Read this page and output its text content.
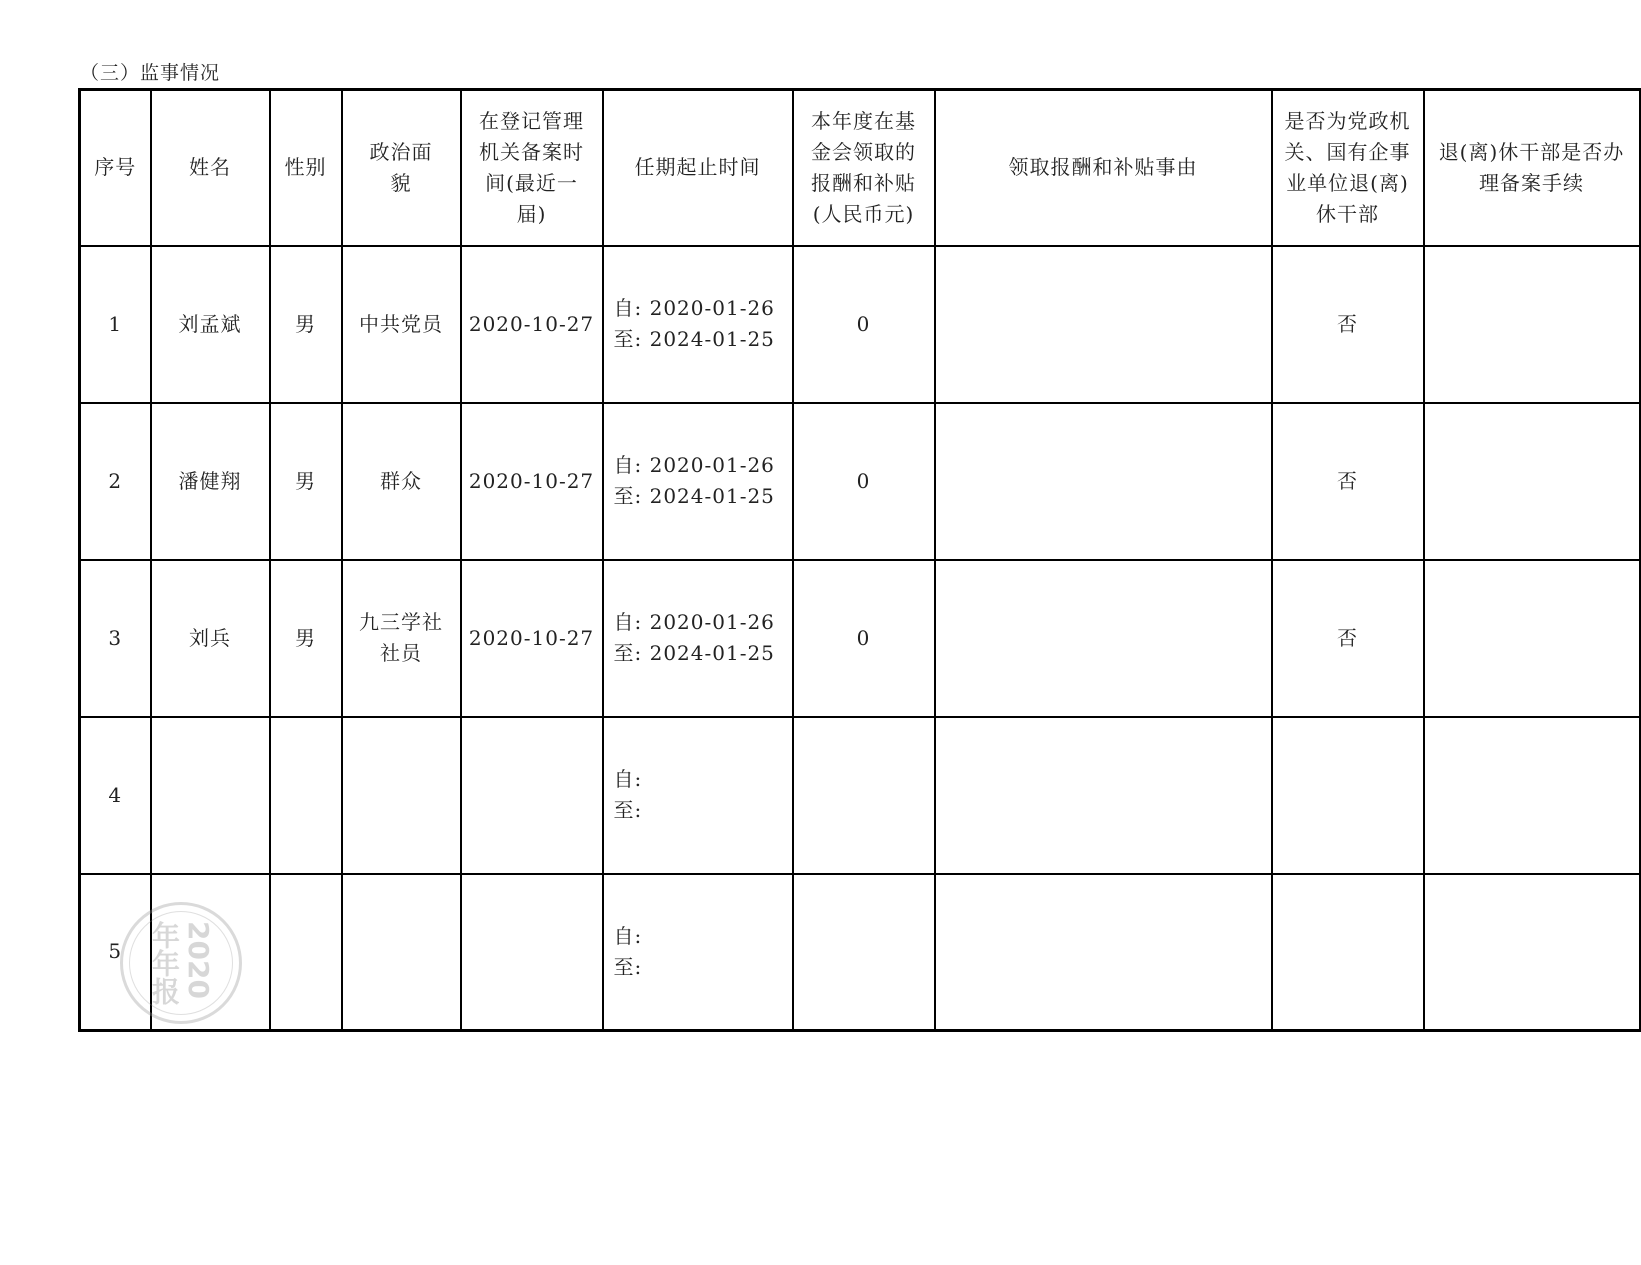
（三）监事情况
序号	姓名	性别	政治面貌	在登记管理机关备案时间(最近一届)	任期起止时间	本年度在基金会领取的报酬和补贴(人民币元)	领取报酬和补贴事由	是否为党政机关、国有企事业单位退(离)休干部	退(离)休干部是否办理备案手续
1	刘孟斌	男	中共党员	2020-10-27	自: 2020-01-26
至: 2024-01-25	0		否	
2	潘健翔	男	群众	2020-10-27	自: 2020-01-26
至: 2024-01-25	0		否	
3	刘兵	男	九三学社社员	2020-10-27	自: 2020-01-26
至: 2024-01-25	0		否	
4					自:
至:				

5					自:
至:				

2020年年报
